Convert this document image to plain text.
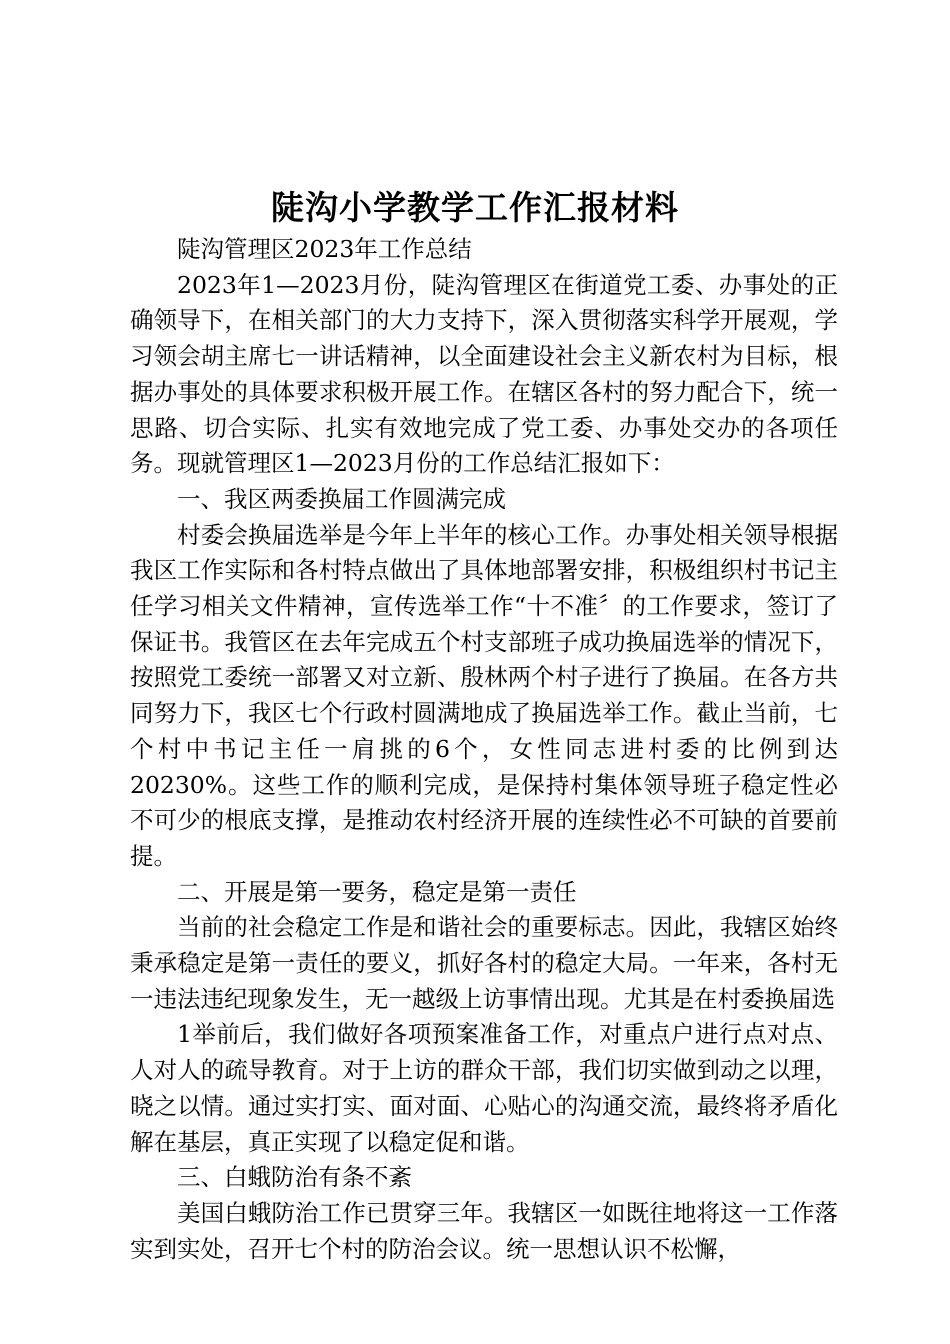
陡沟小学教学工作汇报材料

陡沟管理区2023年工作总结

2023年1—2023月份，陡沟管理区在街道党工委、办事处的正确领导下，在相关部门的大力支持下，深入贯彻落实科学开展观，学习领会胡主席七一讲话精神，以全面建设社会主义新农村为目标，根据办事处的具体要求积极开展工作。在辖区各村的努力配合下，统一思路、切合实际、扎实有效地完成了党工委、办事处交办的各项任务。现就管理区1—2023月份的工作总结汇报如下：

一、我区两委换届工作圆满完成

村委会换届选举是今年上半年的核心工作。办事处相关领导根据我区工作实际和各村特点做出了具体地部署安排，积极组织村书记主任学习相关文件精神，宣传选举工作“十不准〞的工作要求，签订了保证书。我管区在去年完成五个村支部班子成功换届选举的情况下，按照党工委统一部署又对立新、殷林两个村子进行了换届。在各方共同努力下，我区七个行政村圆满地成了换届选举工作。截止当前，七个村中书记主任一肩挑的6个，女性同志进村委的比例到达20230%。这些工作的顺利完成，是保持村集体领导班子稳定性必不可少的根底支撑，是推动农村经济开展的连续性必不可缺的首要前提。

二、开展是第一要务，稳定是第一责任

当前的社会稳定工作是和谐社会的重要标志。因此，我辖区始终秉承稳定是第一责任的要义，抓好各村的稳定大局。一年来，各村无一违法违纪现象发生，无一越级上访事情出现。尤其是在村委换届选

1举前后，我们做好各项预案准备工作，对重点户进行点对点、人对人的疏导教育。对于上访的群众干部，我们切实做到动之以理，晓之以情。通过实打实、面对面、心贴心的沟通交流，最终将矛盾化解在基层，真正实现了以稳定促和谐。

三、白蛾防治有条不紊

美国白蛾防治工作已贯穿三年。我辖区一如既往地将这一工作落实到实处，召开七个村的防治会议。统一思想认识不松懈，
